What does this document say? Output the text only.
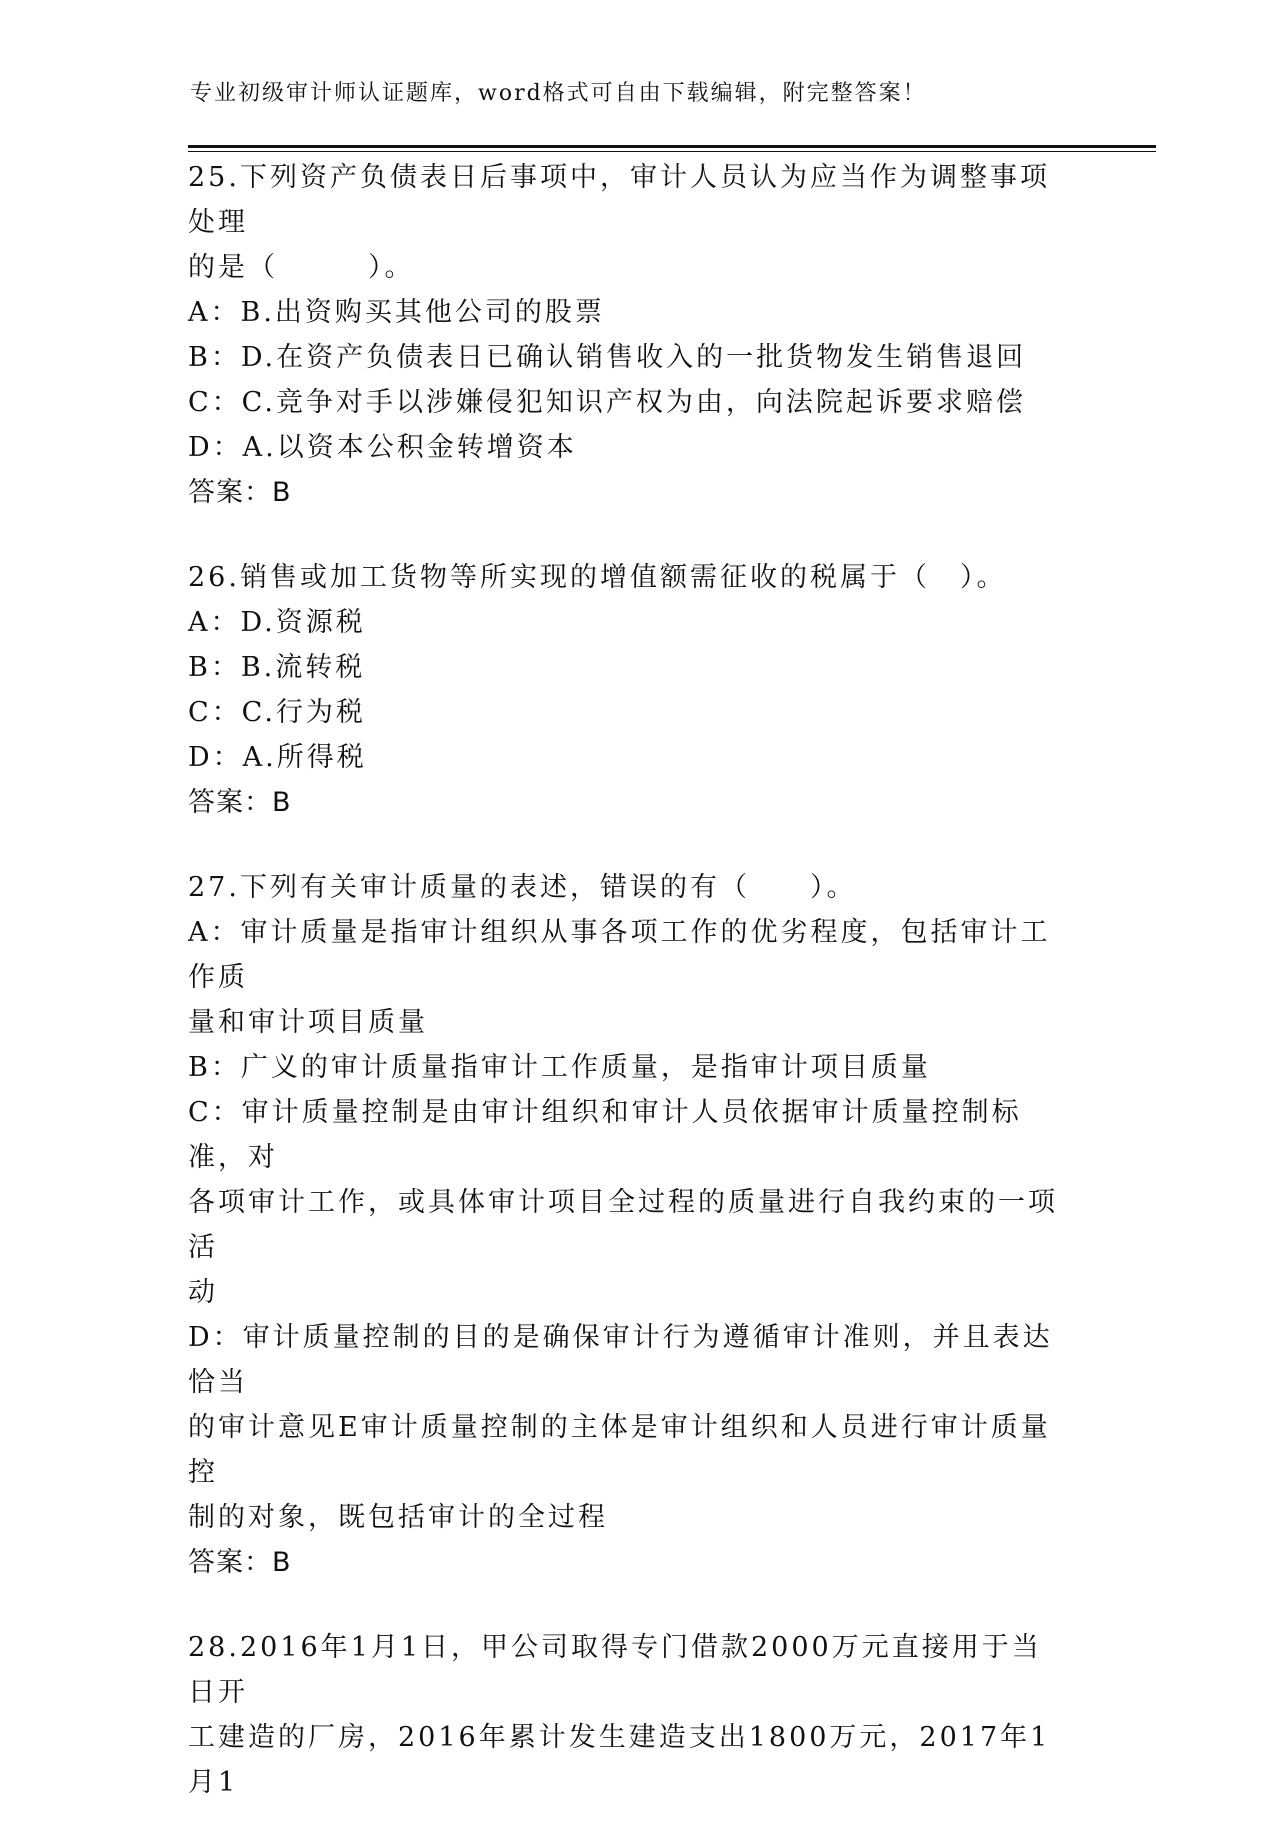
专业初级审计师认证题库，word格式可自由下载编辑，附完整答案！

25.下列资产负债表日后事项中，审计人员认为应当作为调整事项处理

的是（　　　）。

A：B.出资购买其他公司的股票

B：D.在资产负债表日已确认销售收入的一批货物发生销售退回

C：C.竞争对手以涉嫌侵犯知识产权为由，向法院起诉要求赔偿

D：A.以资本公积金转增资本

答案：B

26.销售或加工货物等所实现的增值额需征收的税属于（　）。

A：D.资源税

B：B.流转税

C：C.行为税

D：A.所得税

答案：B

27.下列有关审计质量的表述，错误的有（　　）。

A：审计质量是指审计组织从事各项工作的优劣程度，包括审计工作质

量和审计项目质量

B：广义的审计质量指审计工作质量，是指审计项目质量

C：审计质量控制是由审计组织和审计人员依据审计质量控制标准，对

各项审计工作，或具体审计项目全过程的质量进行自我约束的一项活

动

D：审计质量控制的目的是确保审计行为遵循审计准则，并且表达恰当

的审计意见E审计质量控制的主体是审计组织和人员进行审计质量控

制的对象，既包括审计的全过程

答案：B

28.2016年1月1日，甲公司取得专门借款2000万元直接用于当日开

工建造的厂房，2016年累计发生建造支出1800万元，2017年1月1
